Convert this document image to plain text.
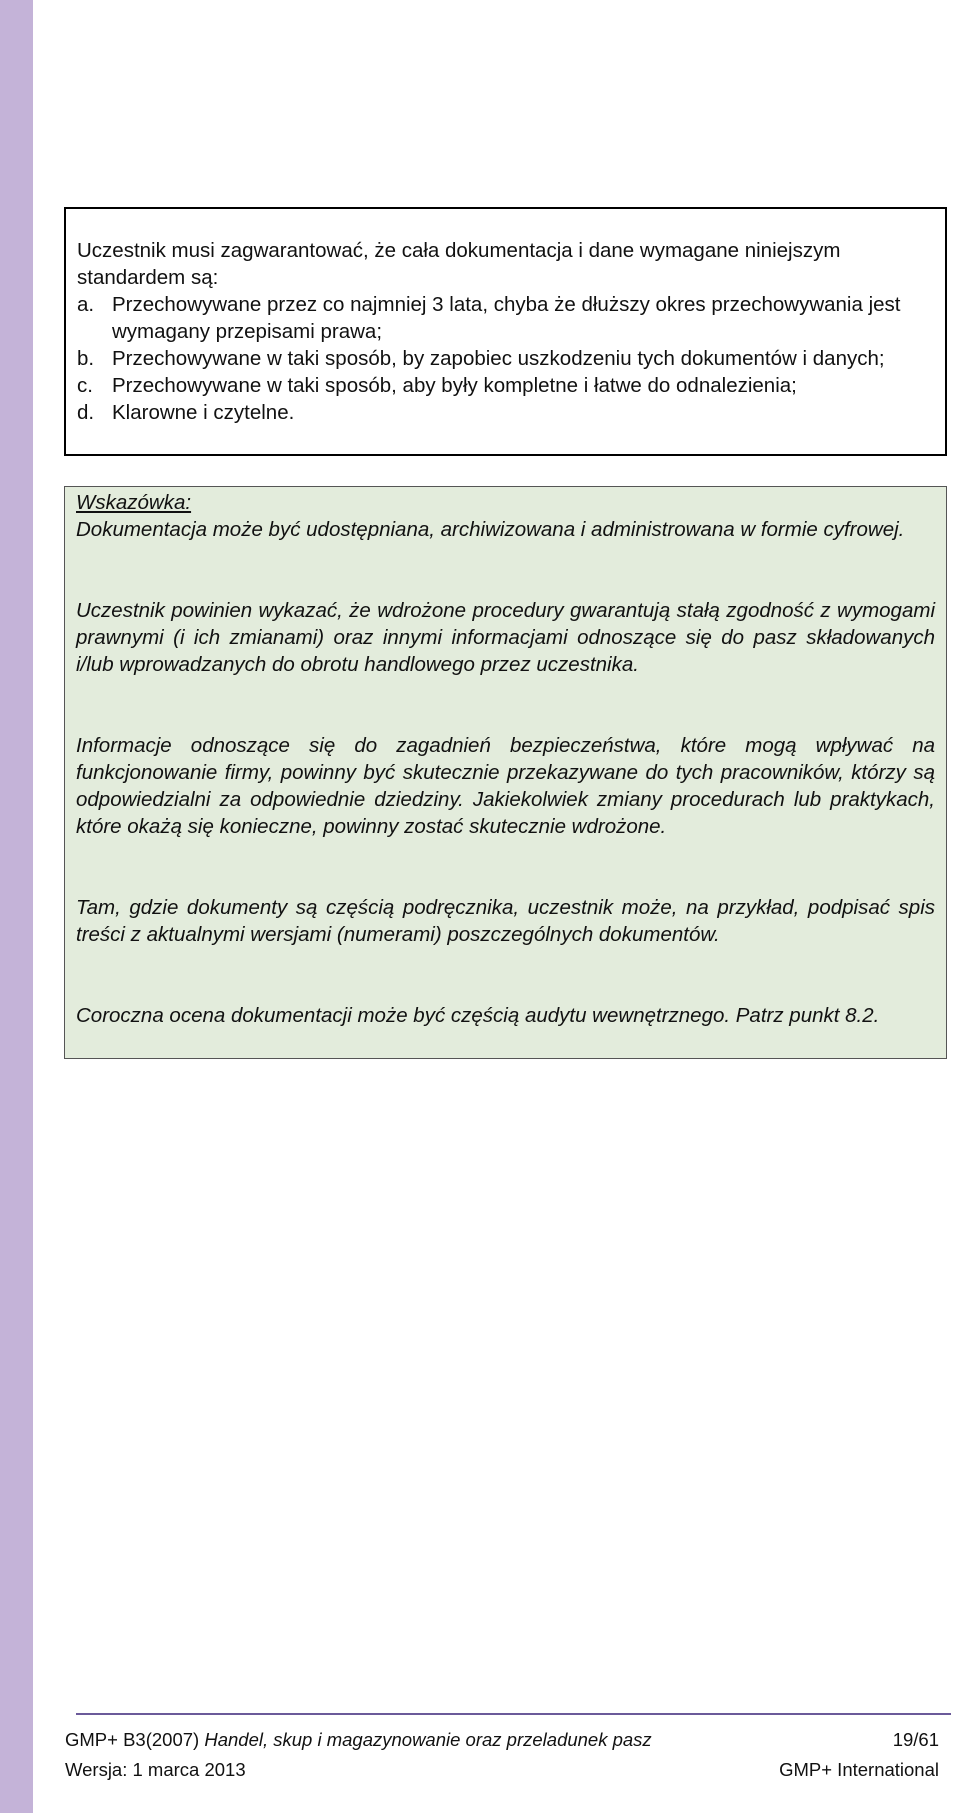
Uczestnik musi zagwarantować, że cała dokumentacja i dane wymagane niniejszym standardem są:

a. Przechowywane przez co najmniej 3 lata, chyba że dłuższy okres przechowywania jest wymagany przepisami prawa;
b. Przechowywane w taki sposób, by zapobiec uszkodzeniu tych dokumentów i danych;
c. Przechowywane w taki sposób, aby były kompletne i łatwe do odnalezienia;
d. Klarowne i czytelne.
Wskazówka:

Dokumentacja może być udostępniana, archiwizowana i administrowana w formie cyfrowej.

Uczestnik powinien wykazać, że wdrożone procedury gwarantują stałą zgodność z wymogami prawnymi (i ich zmianami) oraz innymi informacjami odnoszące się do pasz składowanych i/lub wprowadzanych do obrotu handlowego przez uczestnika.

Informacje odnoszące się do zagadnień bezpieczeństwa, które mogą wpływać na funkcjonowanie firmy, powinny być skutecznie przekazywane do tych pracowników, którzy są odpowiedzialni za odpowiednie dziedziny. Jakiekolwiek zmiany procedurach lub praktykach, które okażą się konieczne, powinny zostać skutecznie wdrożone.

Tam, gdzie dokumenty są częścią podręcznika, uczestnik może, na przykład, podpisać spis treści z aktualnymi wersjami (numerami) poszczególnych dokumentów.

Coroczna ocena dokumentacji może być częścią audytu wewnętrznego. Patrz punkt 8.2.

GMP+ B3(2007) Handel, skup i magazynowanie oraz przeladunek pasz	19/61
Wersja: 1 marca 2013	GMP+ International
